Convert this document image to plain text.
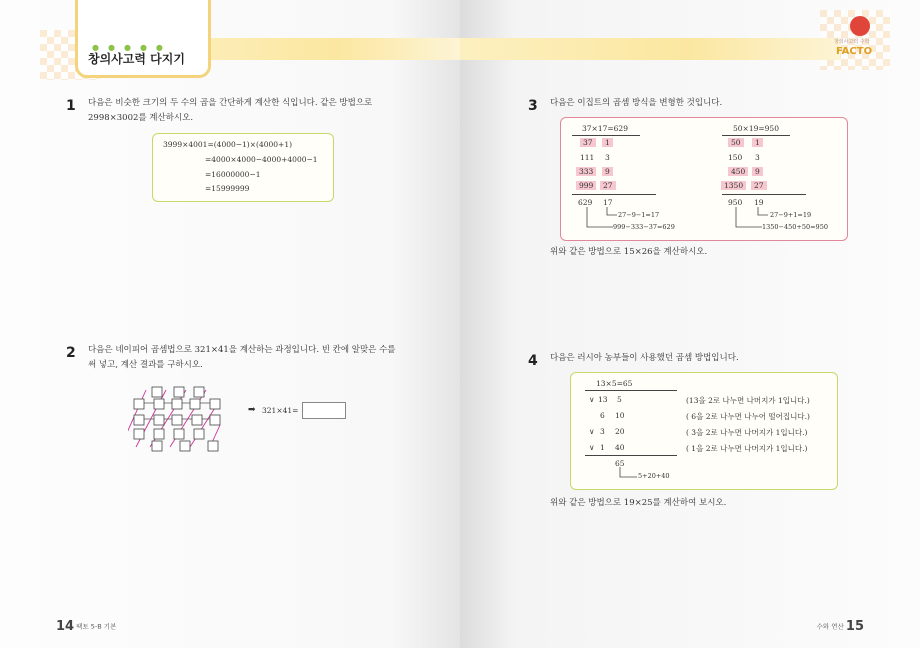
●●●●●
창의사고력 다지기
창의사고력 수학
FACTO
1 다음은 비슷한 크기의 두 수의 곱을 간단하게 계산한 식입니다. 같은 방법으로
2998×3002를 계산하시오.
3999×4001=(4000−1)×(4000+1)
=4000×4000−4000+4000−1
=16000000−1
=15999999
2 다음은 네이피어 곱셈법으로 321×41을 계산하는 과정입니다. 빈 칸에 알맞은 수를
써 넣고, 계산 결과를 구하시오.
➡ 321×41=
3 다음은 이집트의 곱셈 방식을 변형한 것입니다.
37×17=629
37	1
111 3
333	9
999	27
629 17
27−9−1=17
999−333−37=629
50×19=950
50	1
150 3
450	9
1350	27
950 19
27−9+1=19
1350−450+50=950
위와 같은 방법으로 15×26을 계산하시오.
4 다음은 러시아 농부들이 사용했던 곱셈 방법입니다.
13×5=65
∨ 13 5	(13을 2로 나누면 나머지가 1입니다.)
6 10	( 6을 2로 나누면 나누어 떨어집니다.)
∨ 3 20	( 3을 2로 나누면 나머지가 1입니다.)
∨ 1 40	( 1을 2로 나누면 나머지가 1입니다.)
65
5+20+40
위와 같은 방법으로 19×25를 계산하여 보시오.
14 팩토 5-B 기본	수와 연산 15
